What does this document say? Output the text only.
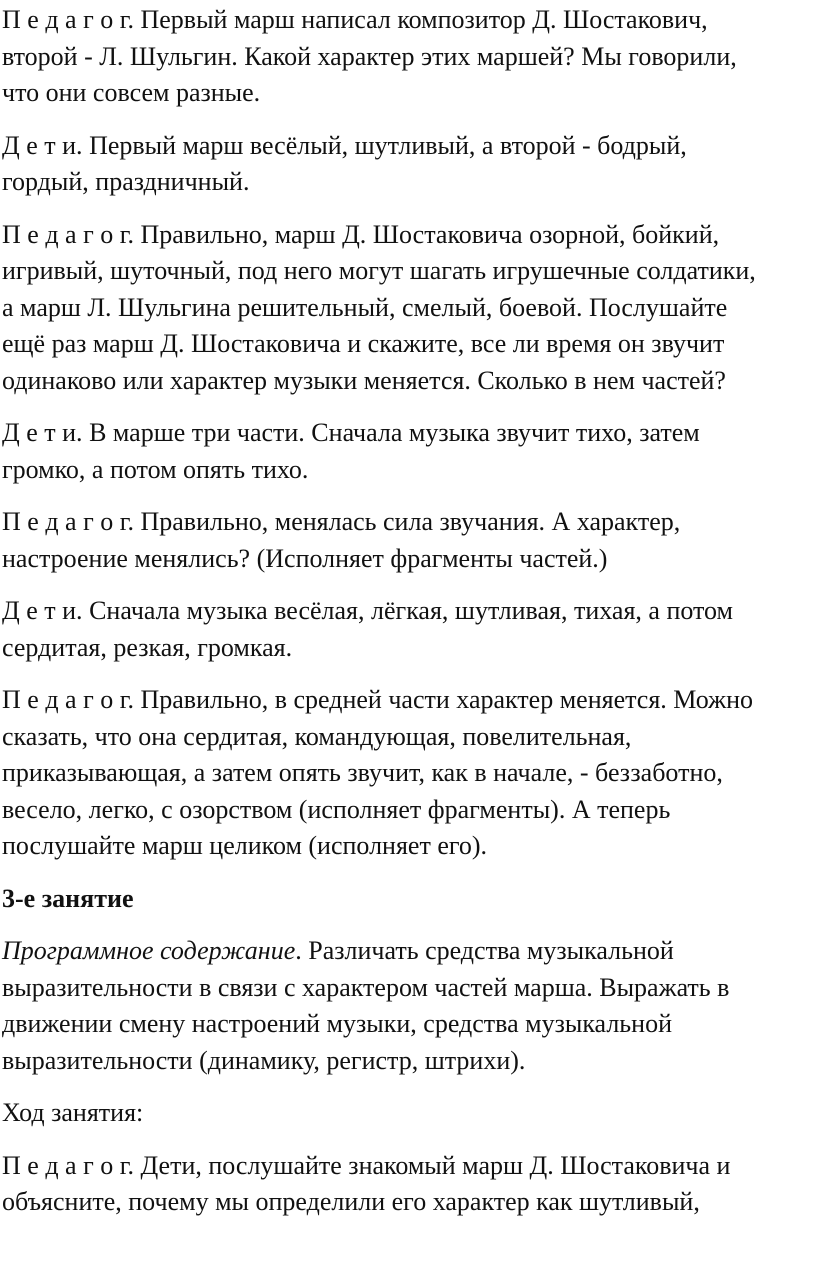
П е д а г о г. Первый марш написал композитор Д. Шостакович,
второй - Л. Шульгин. Какой характер этих маршей? Мы говорили,
что они совсем разные.
Д е т и. Первый марш весёлый, шутливый, а второй - бодрый,
гордый, праздничный.
П е д а г о г. Правильно, марш Д. Шостаковича озорной, бойкий,
игривый, шуточный, под него могут шагать игрушечные солдатики,
а марш Л. Шульгина решительный, смелый, боевой. Послушайте
ещё раз марш Д. Шостаковича и скажите, все ли время он звучит
одинаково или характер музыки меняется. Сколько в нем частей?
Д е т и. В марше три части. Сначала музыка звучит тихо, затем
громко, а потом опять тихо.
П е д а г о г. Правильно, менялась сила звучания. А характер,
настроение менялись? (Исполняет фрагменты частей.)
Д е т и. Сначала музыка весёлая, лёгкая, шутливая, тихая, а потом
сердитая, резкая, громкая.
П е д а г о г. Правильно, в средней части характер меняется. Можно
сказать, что она сердитая, командующая, повелительная,
приказывающая, а затем опять звучит, как в начале, - беззаботно,
весело, легко, с озорством (исполняет фрагменты). А теперь
послушайте марш целиком (исполняет его).
3-е занятие
Программное содержание. Различать средства музыкальной
выразительности в связи с характером частей марша. Выражать в
движении смену настроений музыки, средства музыкальной
выразительности (динамику, регистр, штрихи).
Ход занятия:
П е д а г о г. Дети, послушайте знакомый марш Д. Шостаковича и
объясните, почему мы определили его характер как шутливый,
